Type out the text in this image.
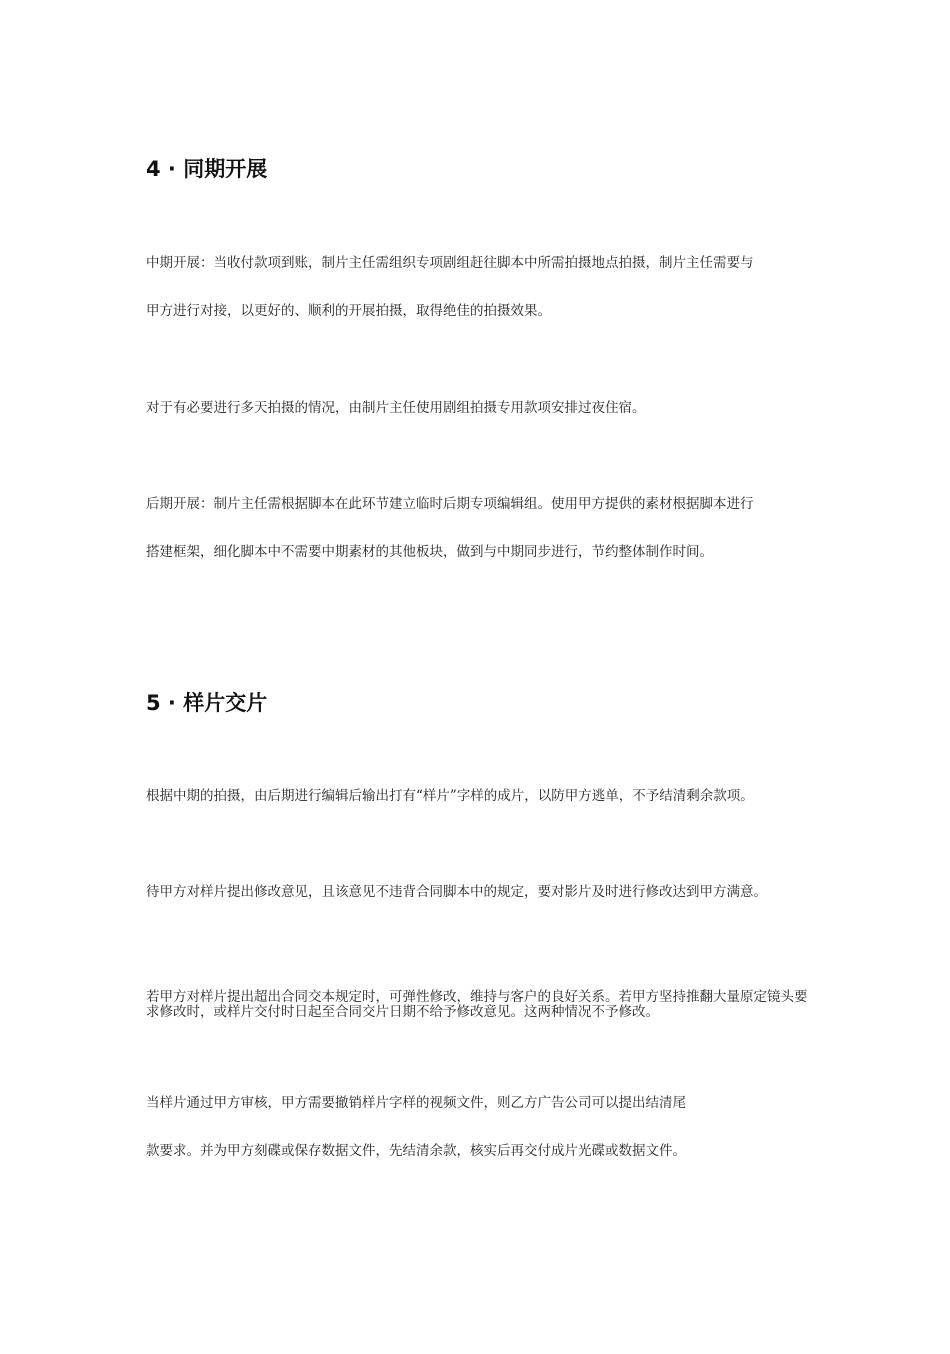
4 · 同期开展

中期开展：当收付款项到账，制片主任需组织专项剧组赶往脚本中所需拍摄地点拍摄，制片主任需要与

甲方进行对接，以更好的、顺利的开展拍摄，取得绝佳的拍摄效果。

对于有必要进行多天拍摄的情况，由制片主任使用剧组拍摄专用款项安排过夜住宿。

后期开展：制片主任需根据脚本在此环节建立临时后期专项编辑组。使用甲方提供的素材根据脚本进行

搭建框架，细化脚本中不需要中期素材的其他板块，做到与中期同步进行，节约整体制作时间。

5 · 样片交片

根据中期的拍摄，由后期进行编辑后输出打有“样片”字样的成片，以防甲方逃单，不予结清剩余款项。

待甲方对样片提出修改意见，且该意见不违背合同脚本中的规定，要对影片及时进行修改达到甲方满意。

若甲方对样片提出超出合同交本规定时，可弹性修改，维持与客户的良好关系。若甲方坚持推翻大量原定镜头要求修改时，或样片交付时日起至合同交片日期不给予修改意见。这两种情况不予修改。

当样片通过甲方审核，甲方需要撤销样片字样的视频文件，则乙方广告公司可以提出结清尾

款要求。并为甲方刻碟或保存数据文件，先结清余款，核实后再交付成片光碟或数据文件。
